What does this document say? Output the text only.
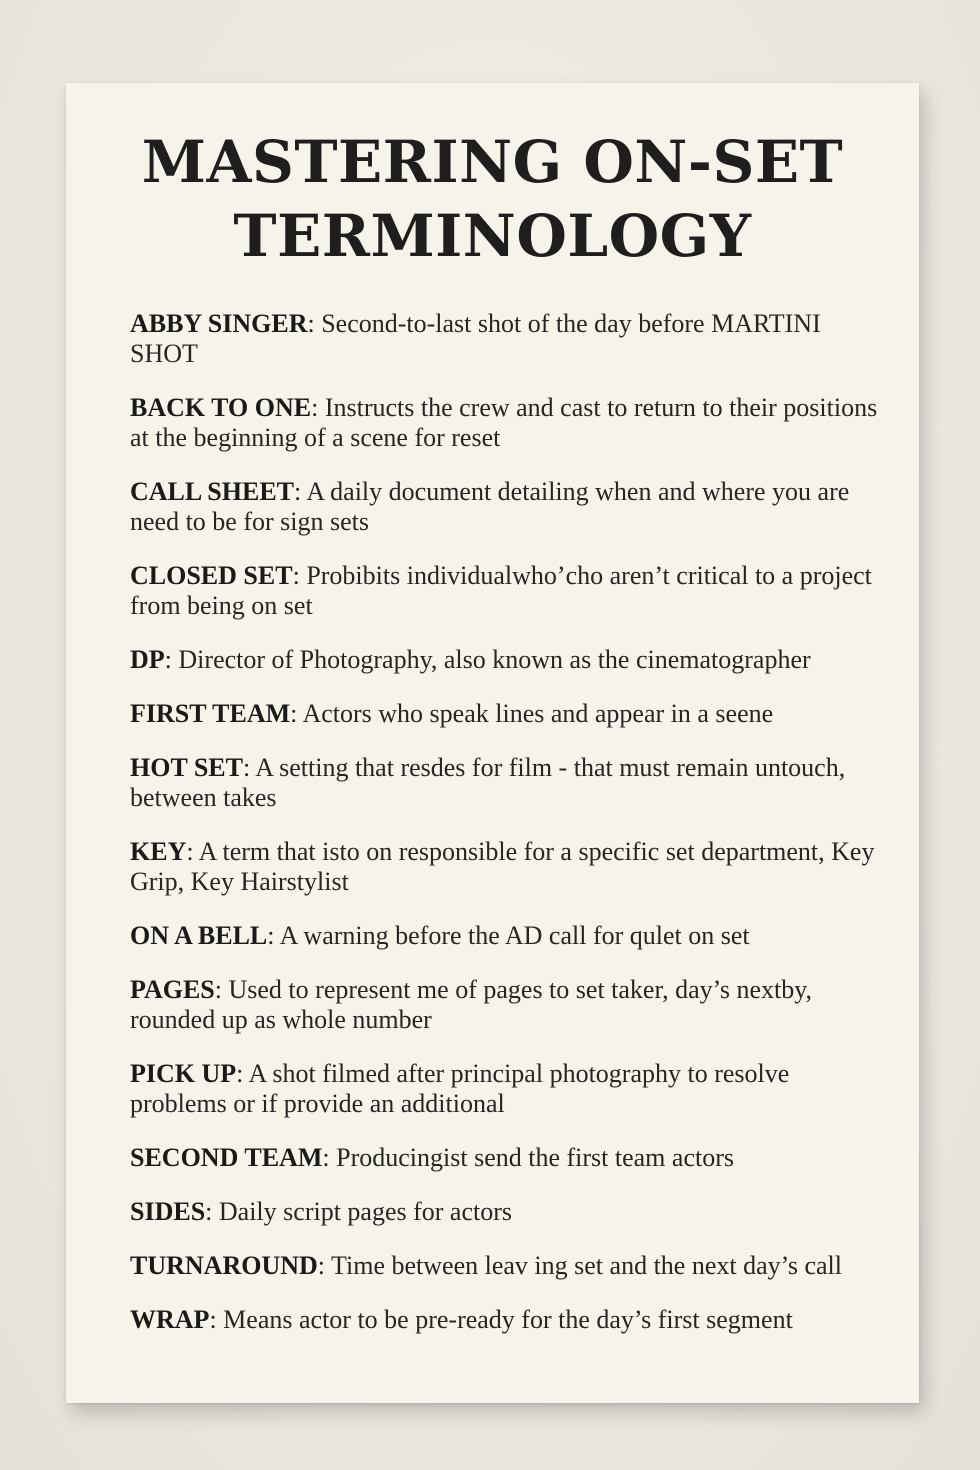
MASTERING ON-SET
TERMINOLOGY
ABBY SINGER: Second-to-last shot of the day before MARTINI SHOT
BACK TO ONE: Instructs the crew and cast to return to their positions at the beginning of a scene for reset
CALL SHEET: A daily document detailing when and where you are need to be for sign sets
CLOSED SET: Probibits individualwho’cho aren’t critical to a project from being on set
DP: Director of Photography, also known as the cinematographer
FIRST TEAM: Actors who speak lines and appear in a seene
HOT SET: A setting that resdes for film - that must remain untouch, between takes
KEY: A term that isto on responsible for a specific set department, Key Grip, Key Hairstylist
ON A BELL: A warning before the AD call for qulet on set
PAGES: Used to represent me of pages to set taker, day’s nextby, rounded up as whole number
PICK UP: A shot filmed after principal photography to resolve problems or if provide an additional
SECOND TEAM: Producingist send the first team actors
SIDES: Daily script pages for actors
TURNAROUND: Time between leav ing set and the next day’s call
WRAP: Means actor to be pre-ready for the day’s first segment
